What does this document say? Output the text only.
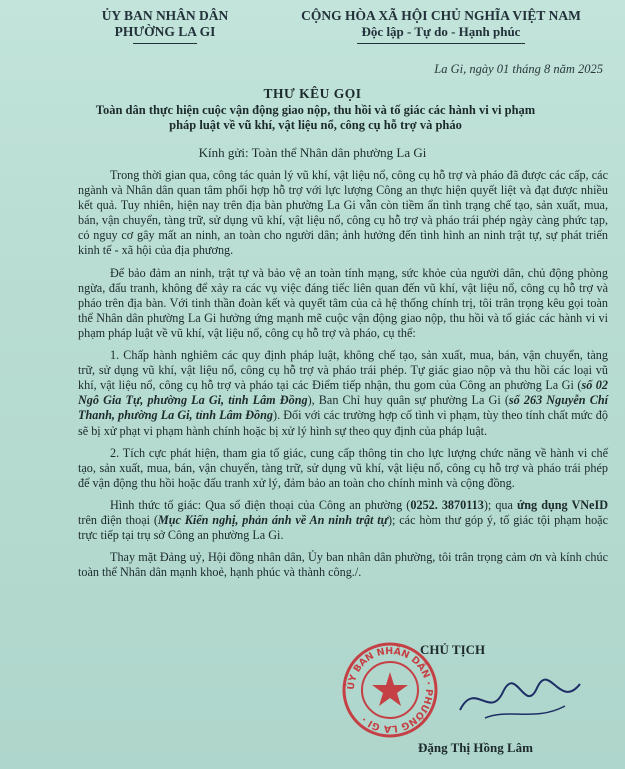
ỦY BAN NHÂN DÂN
PHƯỜNG LA GI
CỘNG HÒA XÃ HỘI CHỦ NGHĨA VIỆT NAM
Độc lập - Tự do - Hạnh phúc
La Gi, ngày 01 tháng 8 năm 2025
THƯ KÊU GỌI
Toàn dân thực hiện cuộc vận động giao nộp, thu hồi và tố giác các hành vi vi phạm pháp luật về vũ khí, vật liệu nổ, công cụ hỗ trợ và pháo
Kính gửi: Toàn thể Nhân dân phường La Gi

Trong thời gian qua, công tác quản lý vũ khí, vật liệu nổ, công cụ hỗ trợ và pháo đã được các cấp, các ngành và Nhân dân quan tâm phối hợp hỗ trợ với lực lượng Công an thực hiện quyết liệt và đạt được nhiều kết quả. Tuy nhiên, hiện nay trên địa bàn phường La Gi vẫn còn tiềm ẩn tình trạng chế tạo, sản xuất, mua, bán, vận chuyển, tàng trữ, sử dụng vũ khí, vật liệu nổ, công cụ hỗ trợ và pháo trái phép ngày càng phức tạp, có nguy cơ gây mất an ninh, an toàn cho người dân; ảnh hưởng đến tình hình an ninh trật tự, sự phát triển kinh tế - xã hội của địa phương.

Để bảo đảm an ninh, trật tự và bảo vệ an toàn tính mạng, sức khỏe của người dân, chủ động phòng ngừa, đấu tranh, không để xảy ra các vụ việc đáng tiếc liên quan đến vũ khí, vật liệu nổ, công cụ hỗ trợ và pháo trên địa bàn. Với tinh thần đoàn kết và quyết tâm của cả hệ thống chính trị, tôi trân trọng kêu gọi toàn thể Nhân dân phường La Gi hưởng ứng mạnh mẽ cuộc vận động giao nộp, thu hồi và tố giác các hành vi vi phạm pháp luật về vũ khí, vật liệu nổ, công cụ hỗ trợ và pháo, cụ thể:

1. Chấp hành nghiêm các quy định pháp luật, không chế tạo, sản xuất, mua, bán, vận chuyển, tàng trữ, sử dụng vũ khí, vật liệu nổ, công cụ hỗ trợ và pháo trái phép. Tự giác giao nộp và thu hồi các loại vũ khí, vật liệu nổ, công cụ hỗ trợ và pháo tại các Điểm tiếp nhận, thu gom của Công an phường La Gi (số 02 Ngô Gia Tự, phường La Gi, tỉnh Lâm Đồng), Ban Chỉ huy quân sự phường La Gi (số 263 Nguyễn Chí Thanh, phường La Gi, tỉnh Lâm Đồng). Đối với các trường hợp cố tình vi phạm, tùy theo tính chất mức độ sẽ bị xử phạt vi phạm hành chính hoặc bị xử lý hình sự theo quy định của pháp luật.

2. Tích cực phát hiện, tham gia tố giác, cung cấp thông tin cho lực lượng chức năng về hành vi chế tạo, sản xuất, mua, bán, vận chuyển, tàng trữ, sử dụng vũ khí, vật liệu nổ, công cụ hỗ trợ và pháo trái phép để vận động thu hồi hoặc đấu tranh xử lý, đảm bảo an toàn cho chính mình và cộng đồng.

Hình thức tố giác: Qua số điện thoại của Công an phường (0252. 3870113); qua ứng dụng VNeID trên điện thoại (Mục Kiến nghị, phản ánh về An ninh trật tự); các hòm thư góp ý, tố giác tội phạm hoặc trực tiếp tại trụ sở Công an phường La Gi.

Thay mặt Đảng uỷ, Hội đồng nhân dân, Ủy ban nhân dân phường, tôi trân trọng cảm ơn và kính chúc toàn thể Nhân dân mạnh khoẻ, hạnh phúc và thành công./.

ỦY BAN NHÂN DÂN · PHƯỜNG LA GI ·
CHỦ TỊCH
Đặng Thị Hồng Lâm
